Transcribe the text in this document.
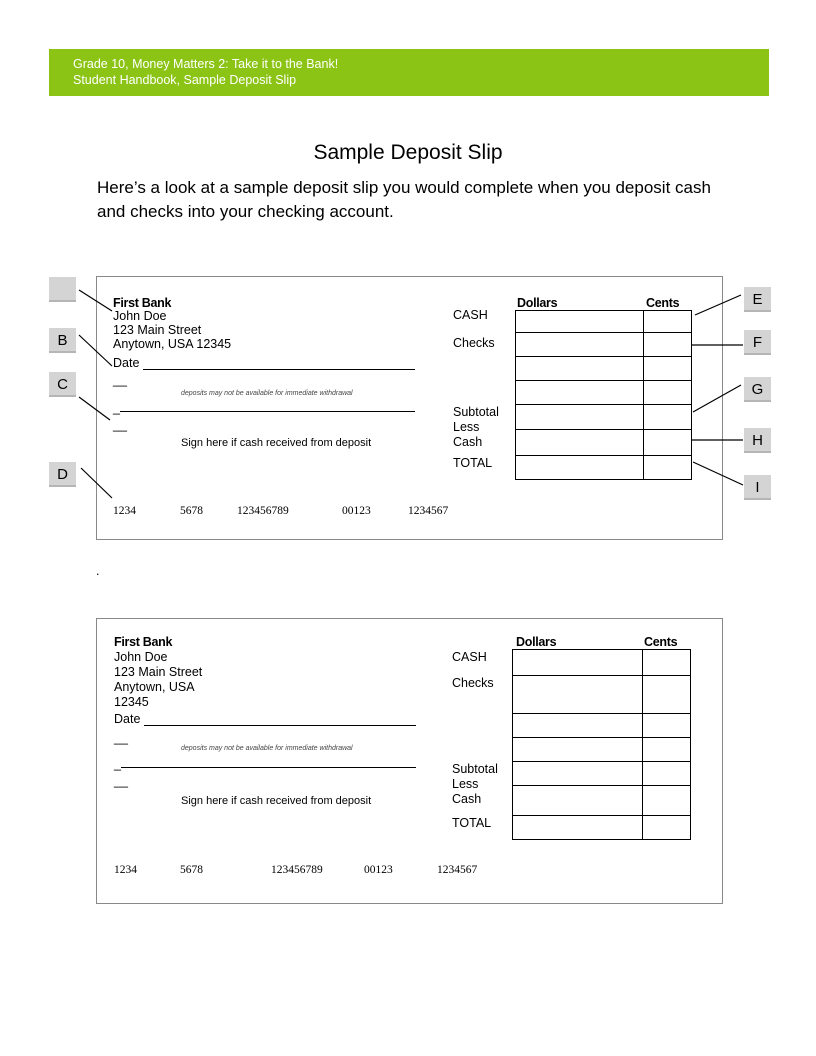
Grade 10, Money Matters 2: Take it to the Bank!
Student Handbook, Sample Deposit Slip
Sample Deposit Slip
Here’s a look at a sample deposit slip you would complete when you deposit cash and checks into your checking account.
First Bank
John Doe
123 Main Street
Anytown, USA 12345
Date
__
deposits may not be available for immediate withdrawal
_
__
Sign here if cash received from deposit
Dollars	Cents
CASH
Checks
Subtotal
Less
Cash
TOTAL
1234	5678	123456789	00123	1234567
B
C
D
E
F
G
H
I
.
First Bank
John Doe
123 Main Street
Anytown, USA
12345
Date
__
deposits may not be available for immediate withdrawal
_
__
Sign here if cash received from deposit
Dollars	Cents
CASH
Checks
Subtotal
Less
Cash
TOTAL
1234	5678	123456789	00123	1234567
